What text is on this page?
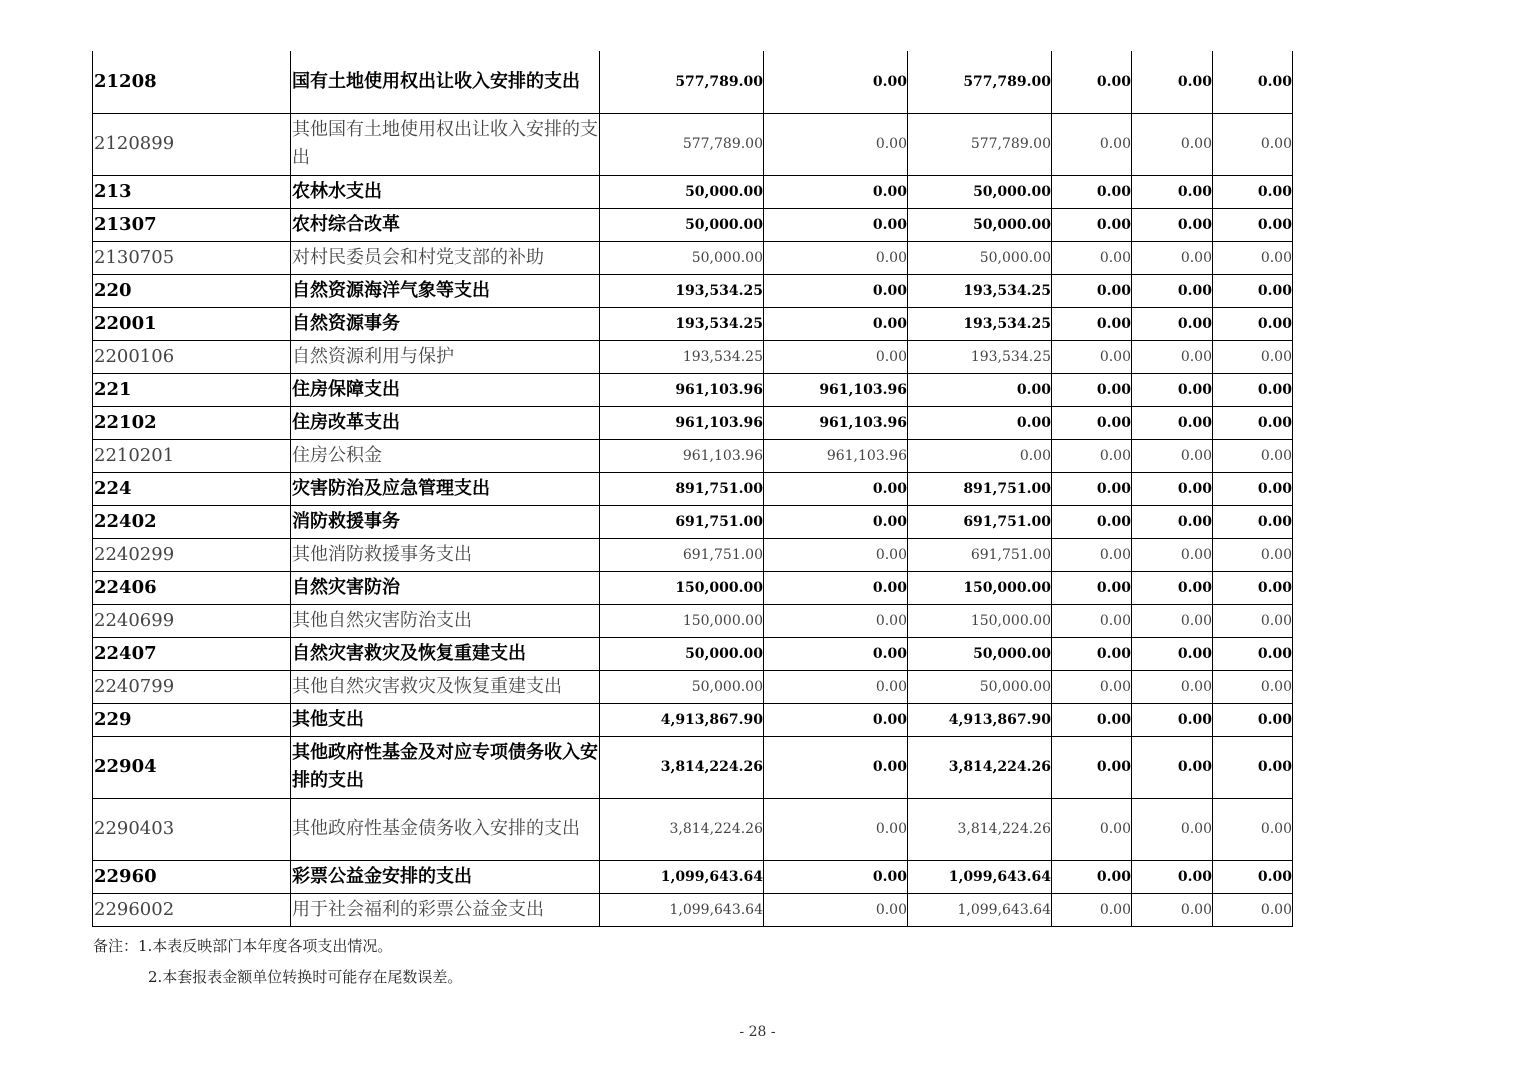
21208	国有土地使用权出让收入安排的支出	577,789.00	0.00	577,789.00	0.00	0.00	0.00
2120899	其他国有土地使用权出让收入安排的支出	577,789.00	0.00	577,789.00	0.00	0.00	0.00
213	农林水支出	50,000.00	0.00	50,000.00	0.00	0.00	0.00
21307	农村综合改革	50,000.00	0.00	50,000.00	0.00	0.00	0.00
2130705	对村民委员会和村党支部的补助	50,000.00	0.00	50,000.00	0.00	0.00	0.00
220	自然资源海洋气象等支出	193,534.25	0.00	193,534.25	0.00	0.00	0.00
22001	自然资源事务	193,534.25	0.00	193,534.25	0.00	0.00	0.00
2200106	自然资源利用与保护	193,534.25	0.00	193,534.25	0.00	0.00	0.00
221	住房保障支出	961,103.96	961,103.96	0.00	0.00	0.00	0.00
22102	住房改革支出	961,103.96	961,103.96	0.00	0.00	0.00	0.00
2210201	住房公积金	961,103.96	961,103.96	0.00	0.00	0.00	0.00
224	灾害防治及应急管理支出	891,751.00	0.00	891,751.00	0.00	0.00	0.00
22402	消防救援事务	691,751.00	0.00	691,751.00	0.00	0.00	0.00
2240299	其他消防救援事务支出	691,751.00	0.00	691,751.00	0.00	0.00	0.00
22406	自然灾害防治	150,000.00	0.00	150,000.00	0.00	0.00	0.00
2240699	其他自然灾害防治支出	150,000.00	0.00	150,000.00	0.00	0.00	0.00
22407	自然灾害救灾及恢复重建支出	50,000.00	0.00	50,000.00	0.00	0.00	0.00
2240799	其他自然灾害救灾及恢复重建支出	50,000.00	0.00	50,000.00	0.00	0.00	0.00
229	其他支出	4,913,867.90	0.00	4,913,867.90	0.00	0.00	0.00
22904	其他政府性基金及对应专项债务收入安排的支出	3,814,224.26	0.00	3,814,224.26	0.00	0.00	0.00
2290403	其他政府性基金债务收入安排的支出	3,814,224.26	0.00	3,814,224.26	0.00	0.00	0.00
22960	彩票公益金安排的支出	1,099,643.64	0.00	1,099,643.64	0.00	0.00	0.00
2296002	用于社会福利的彩票公益金支出	1,099,643.64	0.00	1,099,643.64	0.00	0.00	0.00
备注：1.本表反映部门本年度各项支出情况。
2.本套报表金额单位转换时可能存在尾数误差。
- 28 -
